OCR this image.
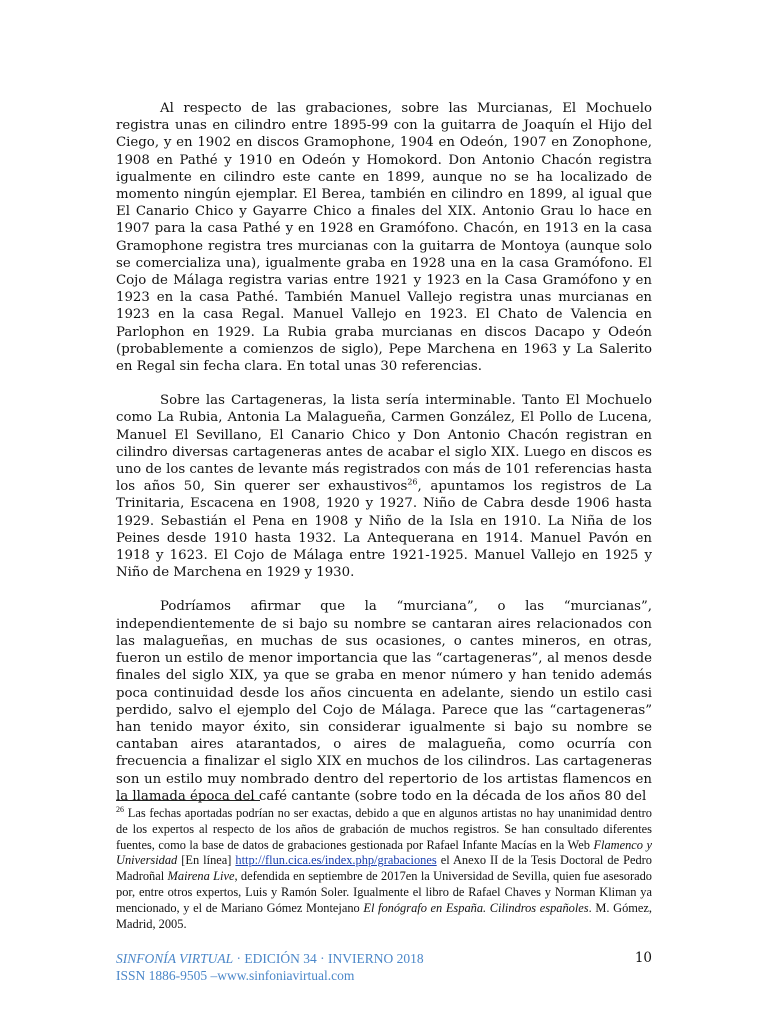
Al respecto de las grabaciones, sobre las Murcianas, El Mochuelo registra unas en cilindro entre 1895-99 con la guitarra de Joaquín el Hijo del Ciego, y en 1902 en discos Gramophone, 1904 en Odeón, 1907 en Zonophone, 1908 en Pathé y 1910 en Odeón y Homokord. Don Antonio Chacón registra igualmente en cilindro este cante en 1899, aunque no se ha localizado de momento ningún ejemplar. El Berea, también en cilindro en 1899, al igual que El Canario Chico y Gayarre Chico a finales del XIX. Antonio Grau lo hace en 1907 para la casa Pathé y en 1928 en Gramófono. Chacón, en 1913 en la casa Gramophone registra tres murcianas con la guitarra de Montoya (aunque solo se comercializa una), igualmente graba en 1928 una en la casa Gramófono. El Cojo de Málaga registra varias entre 1921 y 1923 en la Casa Gramófono y en 1923 en la casa Pathé. También Manuel Vallejo registra unas murcianas en 1923 en la casa Regal. Manuel Vallejo en 1923. El Chato de Valencia en Parlophon en 1929. La Rubia graba murcianas en discos Dacapo y Odeón (probablemente a comienzos de siglo), Pepe Marchena en 1963 y La Salerito en Regal sin fecha clara. En total unas 30 referencias.

Sobre las Cartageneras, la lista sería interminable. Tanto El Mochuelo como La Rubia, Antonia La Malagueña, Carmen González, El Pollo de Lucena, Manuel El Sevillano, El Canario Chico y Don Antonio Chacón registran en cilindro diversas cartageneras antes de acabar el siglo XIX. Luego en discos es uno de los cantes de levante más registrados con más de 101 referencias hasta los años 50, Sin querer ser exhaustivos$^{26}$, apuntamos los registros de La Trinitaria, Escacena en 1908, 1920 y 1927. Niño de Cabra desde 1906 hasta 1929. Sebastián el Pena en 1908 y Niño de la Isla en 1910. La Niña de los Peines desde 1910 hasta 1932. La Antequerana en 1914. Manuel Pavón en 1918 y 1623. El Cojo de Málaga entre 1921-1925. Manuel Vallejo en 1925 y Niño de Marchena en 1929 y 1930.

Podríamos afirmar que la “murciana”, o las “murcianas”, independientemente de si bajo su nombre se cantaran aires relacionados con las malagueñas, en muchas de sus ocasiones, o cantes mineros, en otras, fueron un estilo de menor importancia que las “cartageneras”, al menos desde finales del siglo XIX, ya que se graba en menor número y han tenido además poca continuidad desde los años cincuenta en adelante, siendo un estilo casi perdido, salvo el ejemplo del Cojo de Málaga. Parece que las “cartageneras” han tenido mayor éxito, sin considerar igualmente si bajo su nombre se cantaban aires atarantados, o aires de malagueña, como ocurría con frecuencia a finalizar el siglo XIX en muchos de los cilindros. Las cartageneras son un estilo muy nombrado dentro del repertorio de los artistas flamencos en la llamada época del café cantante (sobre todo en la década de los años 80 del

$^{26}$ Las fechas aportadas podrían no ser exactas, debido a que en algunos artistas no hay unanimidad dentro de los expertos al respecto de los años de grabación de muchos registros. Se han consultado diferentes fuentes, como la base de datos de grabaciones gestionada por Rafael Infante Macías en la Web Flamenco y Universidad [En línea] http://flun.cica.es/index.php/grabaciones el Anexo II de la Tesis Doctoral de Pedro Madroñal Mairena Live, defendida en septiembre de 2017en la Universidad de Sevilla, quien fue asesorado por, entre otros expertos, Luis y Ramón Soler. Igualmente el libro de Rafael Chaves y Norman Kliman ya mencionado, y el de Mariano Gómez Montejano El fonógrafo en España. Cilindros españoles. M. Gómez, Madrid, 2005.
SINFONÍA VIRTUAL · EDICIÓN 34 · INVIERNO 2018
ISSN 1886-9505 –www.sinfoniavirtual.com
10
